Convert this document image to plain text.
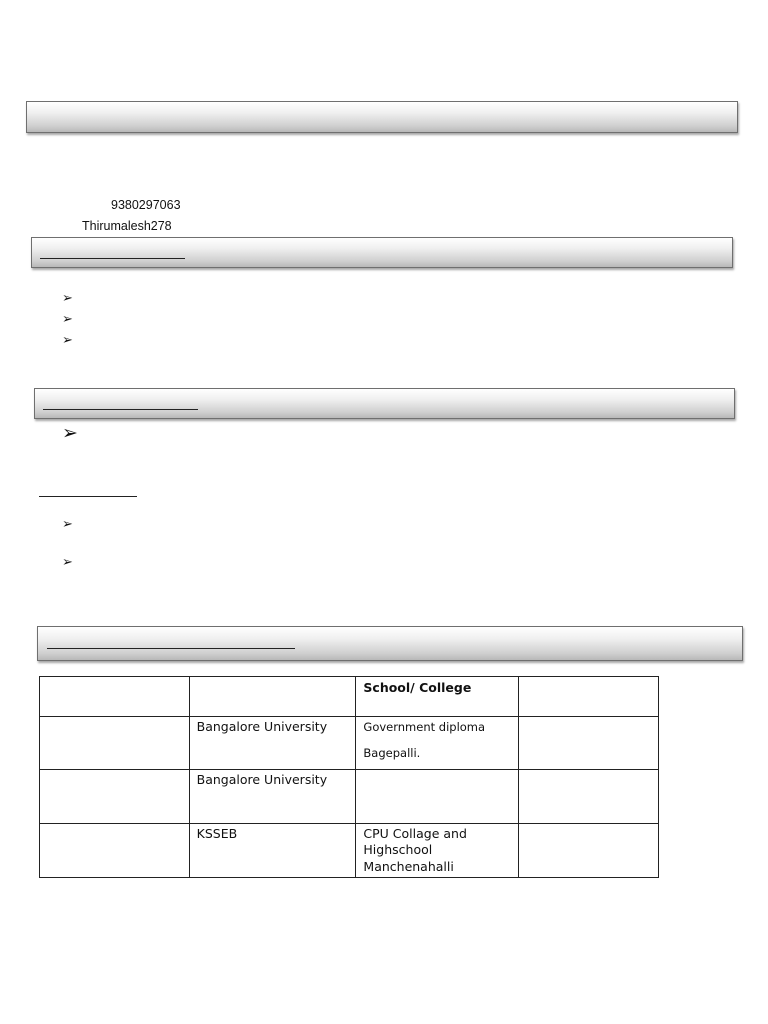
9380297063
Thirumalesh278
➢
➢
➢
➢
➢
➢
		School/ College	
	Bangalore University	Government diploma
Bagepalli.	

	Bangalore University		
	KSSEB	CPU Collage and Highschool Manchenahalli	
